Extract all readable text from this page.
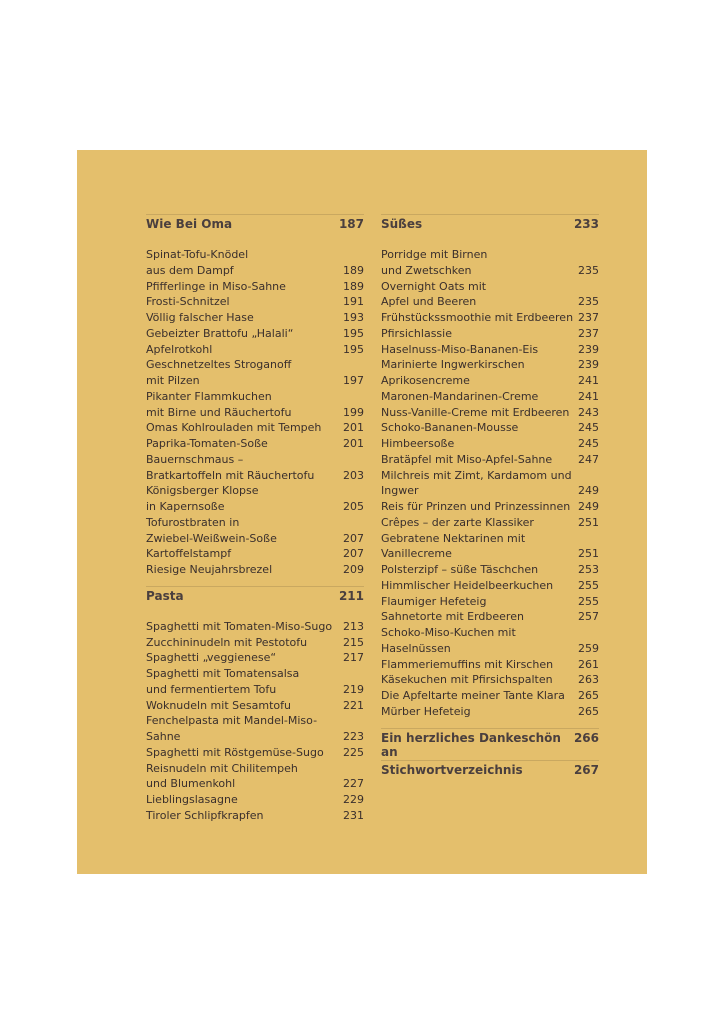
Wie Bei Oma	187
Spinat-Tofu-Knödel
aus dem Dampf	189
Pfifferlinge in Miso-Sahne	189
Frosti-Schnitzel	191
Völlig falscher Hase	193
Gebeizter Brattofu „Halali“	195
Apfelrotkohl	195
Geschnetzeltes Stroganoff
mit Pilzen	197
Pikanter Flammkuchen
mit Birne und Räuchertofu	199
Omas Kohlrouladen mit Tempeh 201
Paprika-Tomaten-Soße	201
Bauernschmaus –
Bratkartoffeln mit Räuchertofu	203
Königsberger Klopse
in Kapernsoße	205
Tofurostbraten in
Zwiebel-Weißwein-Soße	207
Kartoffelstampf	207
Riesige Neujahrsbrezel	209
Pasta	211
Spaghetti mit Tomaten-Miso-Sugo 213
Zucchininudeln mit Pestotofu	215
Spaghetti „veggienese“	217
Spaghetti mit Tomatensalsa
und fermentiertem Tofu	219
Woknudeln mit Sesamtofu	221
Fenchelpasta mit Mandel-Miso-
Sahne	223
Spaghetti mit Röstgemüse-Sugo 225
Reisnudeln mit Chilitempeh
und Blumenkohl	227
Lieblingslasagne	229
Tiroler Schlipfkrapfen	231
Süßes	233
Porridge mit Birnen
und Zwetschken	235
Overnight Oats mit
Apfel und Beeren	235
Frühstückssmoothie mit Erdbeeren 237
Pfirsichlassie	237
Haselnuss-Miso-Bananen-Eis	239
Marinierte Ingwerkirschen	239
Aprikosencreme	241
Maronen-Mandarinen-Creme	241
Nuss-Vanille-Creme mit Erdbeeren 243
Schoko-Bananen-Mousse	245
Himbeersoße	245
Bratäpfel mit Miso-Apfel-Sahne 247
Milchreis mit Zimt, Kardamom und
Ingwer	249
Reis für Prinzen und Prinzessinnen 249
Crêpes – der zarte Klassiker	251
Gebratene Nektarinen mit
Vanillecreme	251
Polsterzipf – süße Täschchen	253
Himmlischer Heidelbeerkuchen 255
Flaumiger Hefeteig	255
Sahnetorte mit Erdbeeren	257
Schoko-Miso-Kuchen mit
Haselnüssen	259
Flammeriemuffins mit Kirschen 261
Käsekuchen mit Pfirsichspalten 263
Die Apfeltarte meiner Tante Klara 265
Mürber Hefeteig	265
Ein herzliches Dankeschön an
266
Stichwortverzeichnis	267
